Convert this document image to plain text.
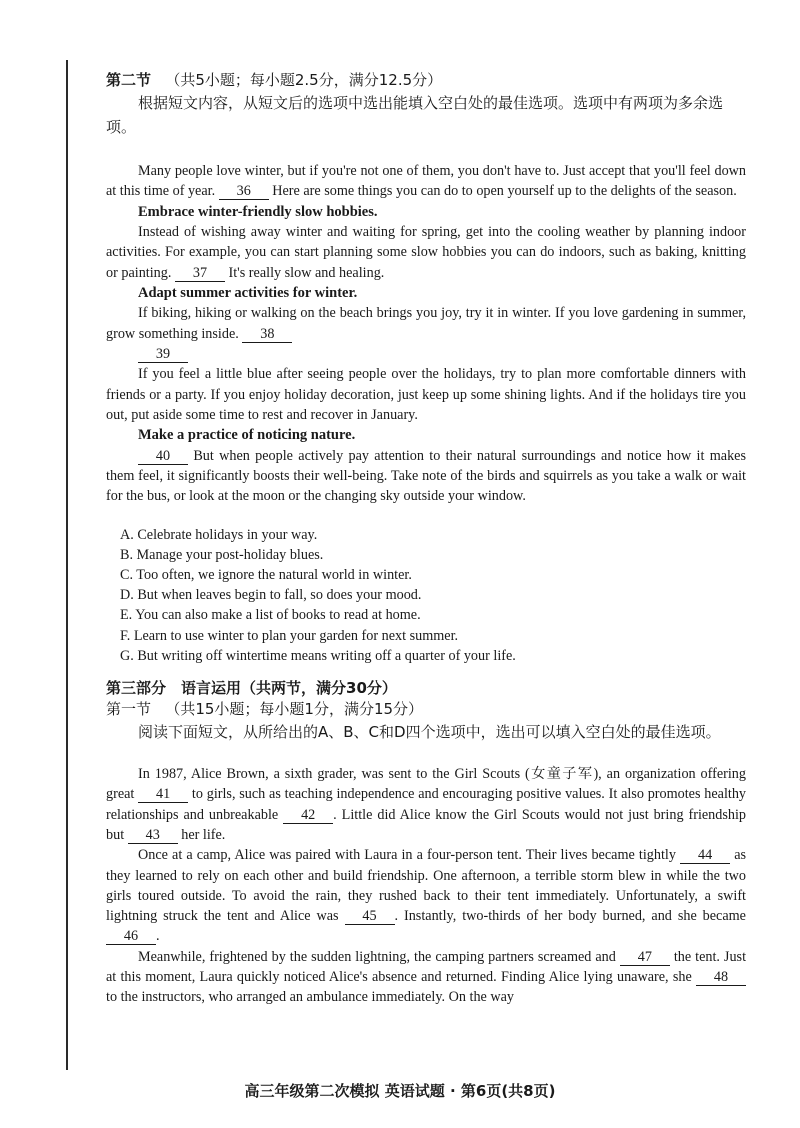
第二节 （共5小题；每小题2.5分，满分12.5分）

根据短文内容，从短文后的选项中选出能填入空白处的最佳选项。选项中有两项为多余选项。

Many people love winter, but if you're not one of them, you don't have to. Just accept that you'll feel down at this time of year. 36 Here are some things you can do to open yourself up to the delights of the season.

Embrace winter-friendly slow hobbies.

Instead of wishing away winter and waiting for spring, get into the cooling weather by planning indoor activities. For example, you can start planning some slow hobbies you can do indoors, such as baking, knitting or painting. 37 It's really slow and healing.

Adapt summer activities for winter.

If biking, hiking or walking on the beach brings you joy, try it in winter. If you love gardening in summer, grow something inside. 38

39

If you feel a little blue after seeing people over the holidays, try to plan more comfortable dinners with friends or a party. If you enjoy holiday decoration, just keep up some shining lights. And if the holidays tire you out, put aside some time to rest and recover in January.

Make a practice of noticing nature.

40 But when people actively pay attention to their natural surroundings and notice how it makes them feel, it significantly boosts their well-being. Take note of the birds and squirrels as you take a walk or wait for the bus, or look at the moon or the changing sky outside your window.

A. Celebrate holidays in your way.
B. Manage your post-holiday blues.
C. Too often, we ignore the natural world in winter.
D. But when leaves begin to fall, so does your mood.
E. You can also make a list of books to read at home.
F. Learn to use winter to plan your garden for next summer.
G. But writing off wintertime means writing off a quarter of your life.

第三部分　语言运用（共两节，满分30分）

第一节 （共15小题；每小题1分，满分15分）

阅读下面短文，从所给出的A、B、C和D四个选项中，选出可以填入空白处的最佳选项。

In 1987, Alice Brown, a sixth grader, was sent to the Girl Scouts (女童子军), an organization offering great 41 to girls, such as teaching independence and encouraging positive values. It also promotes healthy relationships and unbreakable 42 . Little did Alice know the Girl Scouts would not just bring friendship but 43 her life.

Once at a camp, Alice was paired with Laura in a four-person tent. Their lives became tightly 44 as they learned to rely on each other and build friendship. One afternoon, a terrible storm blew in while the two girls toured outside. To avoid the rain, they rushed back to their tent immediately. Unfortunately, a swift lightning struck the tent and Alice was 45 . Instantly, two-thirds of her body burned, and she became 46 .

Meanwhile, frightened by the sudden lightning, the camping partners screamed and 47 the tent. Just at this moment, Laura quickly noticed Alice's absence and returned. Finding Alice lying unaware, she 48 to the instructors, who arranged an ambulance immediately. On the way

高三年级第二次模拟 英语试题 · 第6页(共8页)
